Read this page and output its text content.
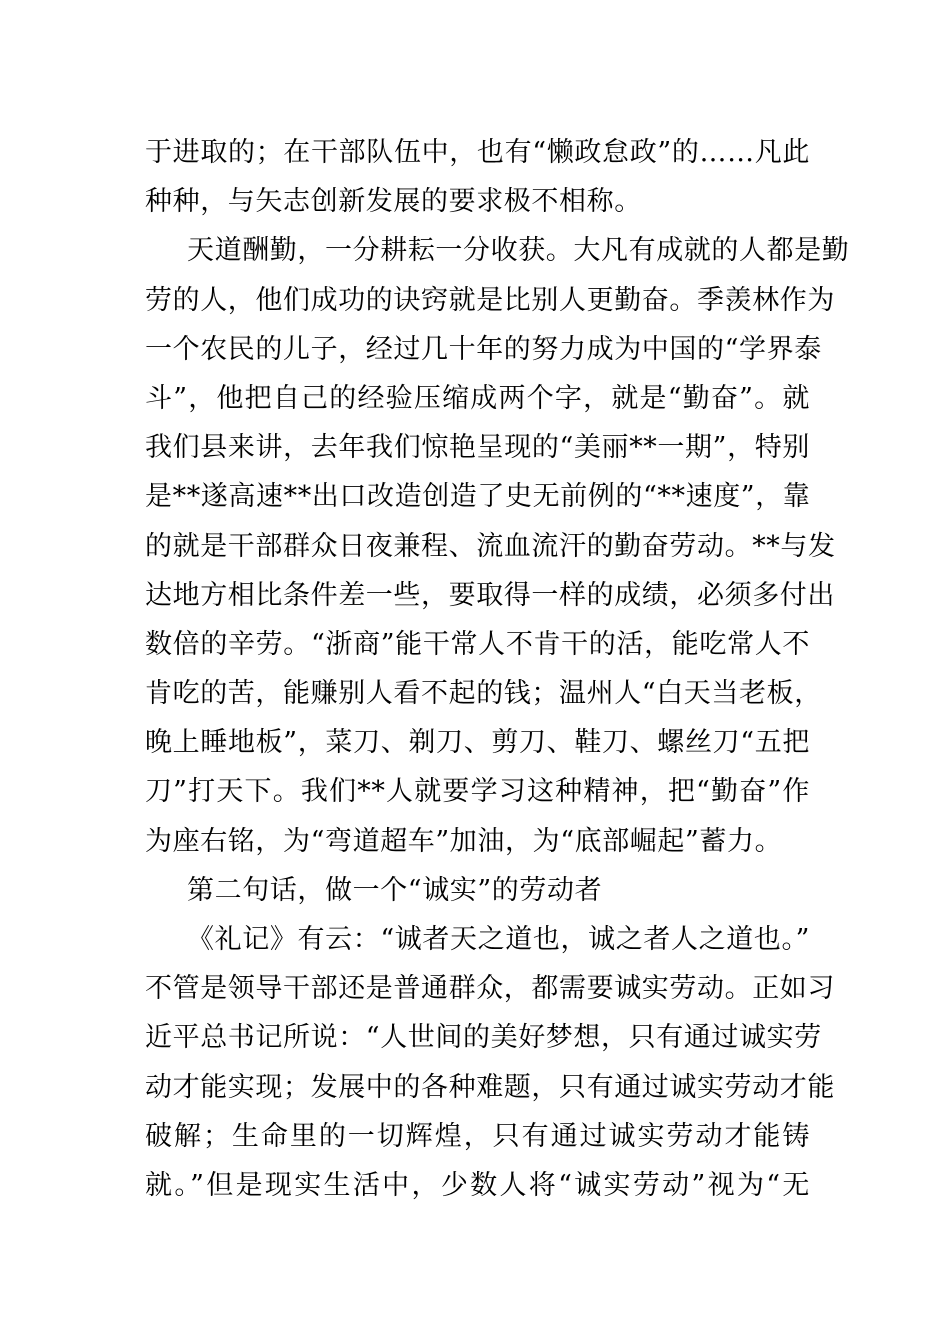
于进取的；在干部队伍中，也有“懒政怠政”的……凡此
种种，与矢志创新发展的要求极不相称。
天道酬勤，一分耕耘一分收获。大凡有成就的人都是勤
劳的人，他们成功的诀窍就是比别人更勤奋。季羡林作为
一个农民的儿子，经过几十年的努力成为中国的“学界泰
斗”，他把自己的经验压缩成两个字，就是“勤奋”。就
我们县来讲，去年我们惊艳呈现的“美丽**一期”，特别
是**遂高速**出口改造创造了史无前例的“**速度”，靠
的就是干部群众日夜兼程、流血流汗的勤奋劳动。**与发
达地方相比条件差一些，要取得一样的成绩，必须多付出
数倍的辛劳。“浙商”能干常人不肯干的活，能吃常人不
肯吃的苦，能赚别人看不起的钱；温州人“白天当老板，
晚上睡地板”，菜刀、剃刀、剪刀、鞋刀、螺丝刀“五把
刀”打天下。我们**人就要学习这种精神，把“勤奋”作
为座右铭，为“弯道超车”加油，为“底部崛起”蓄力。
第二句话，做一个“诚实”的劳动者
《礼记》有云：“诚者天之道也，诚之者人之道也。”
不管是领导干部还是普通群众，都需要诚实劳动。正如习
近平总书记所说：“人世间的美好梦想，只有通过诚实劳
动才能实现；发展中的各种难题，只有通过诚实劳动才能
破解；生命里的一切辉煌，只有通过诚实劳动才能铸
就。”但是现实生活中，少数人将“诚实劳动”视为“无
